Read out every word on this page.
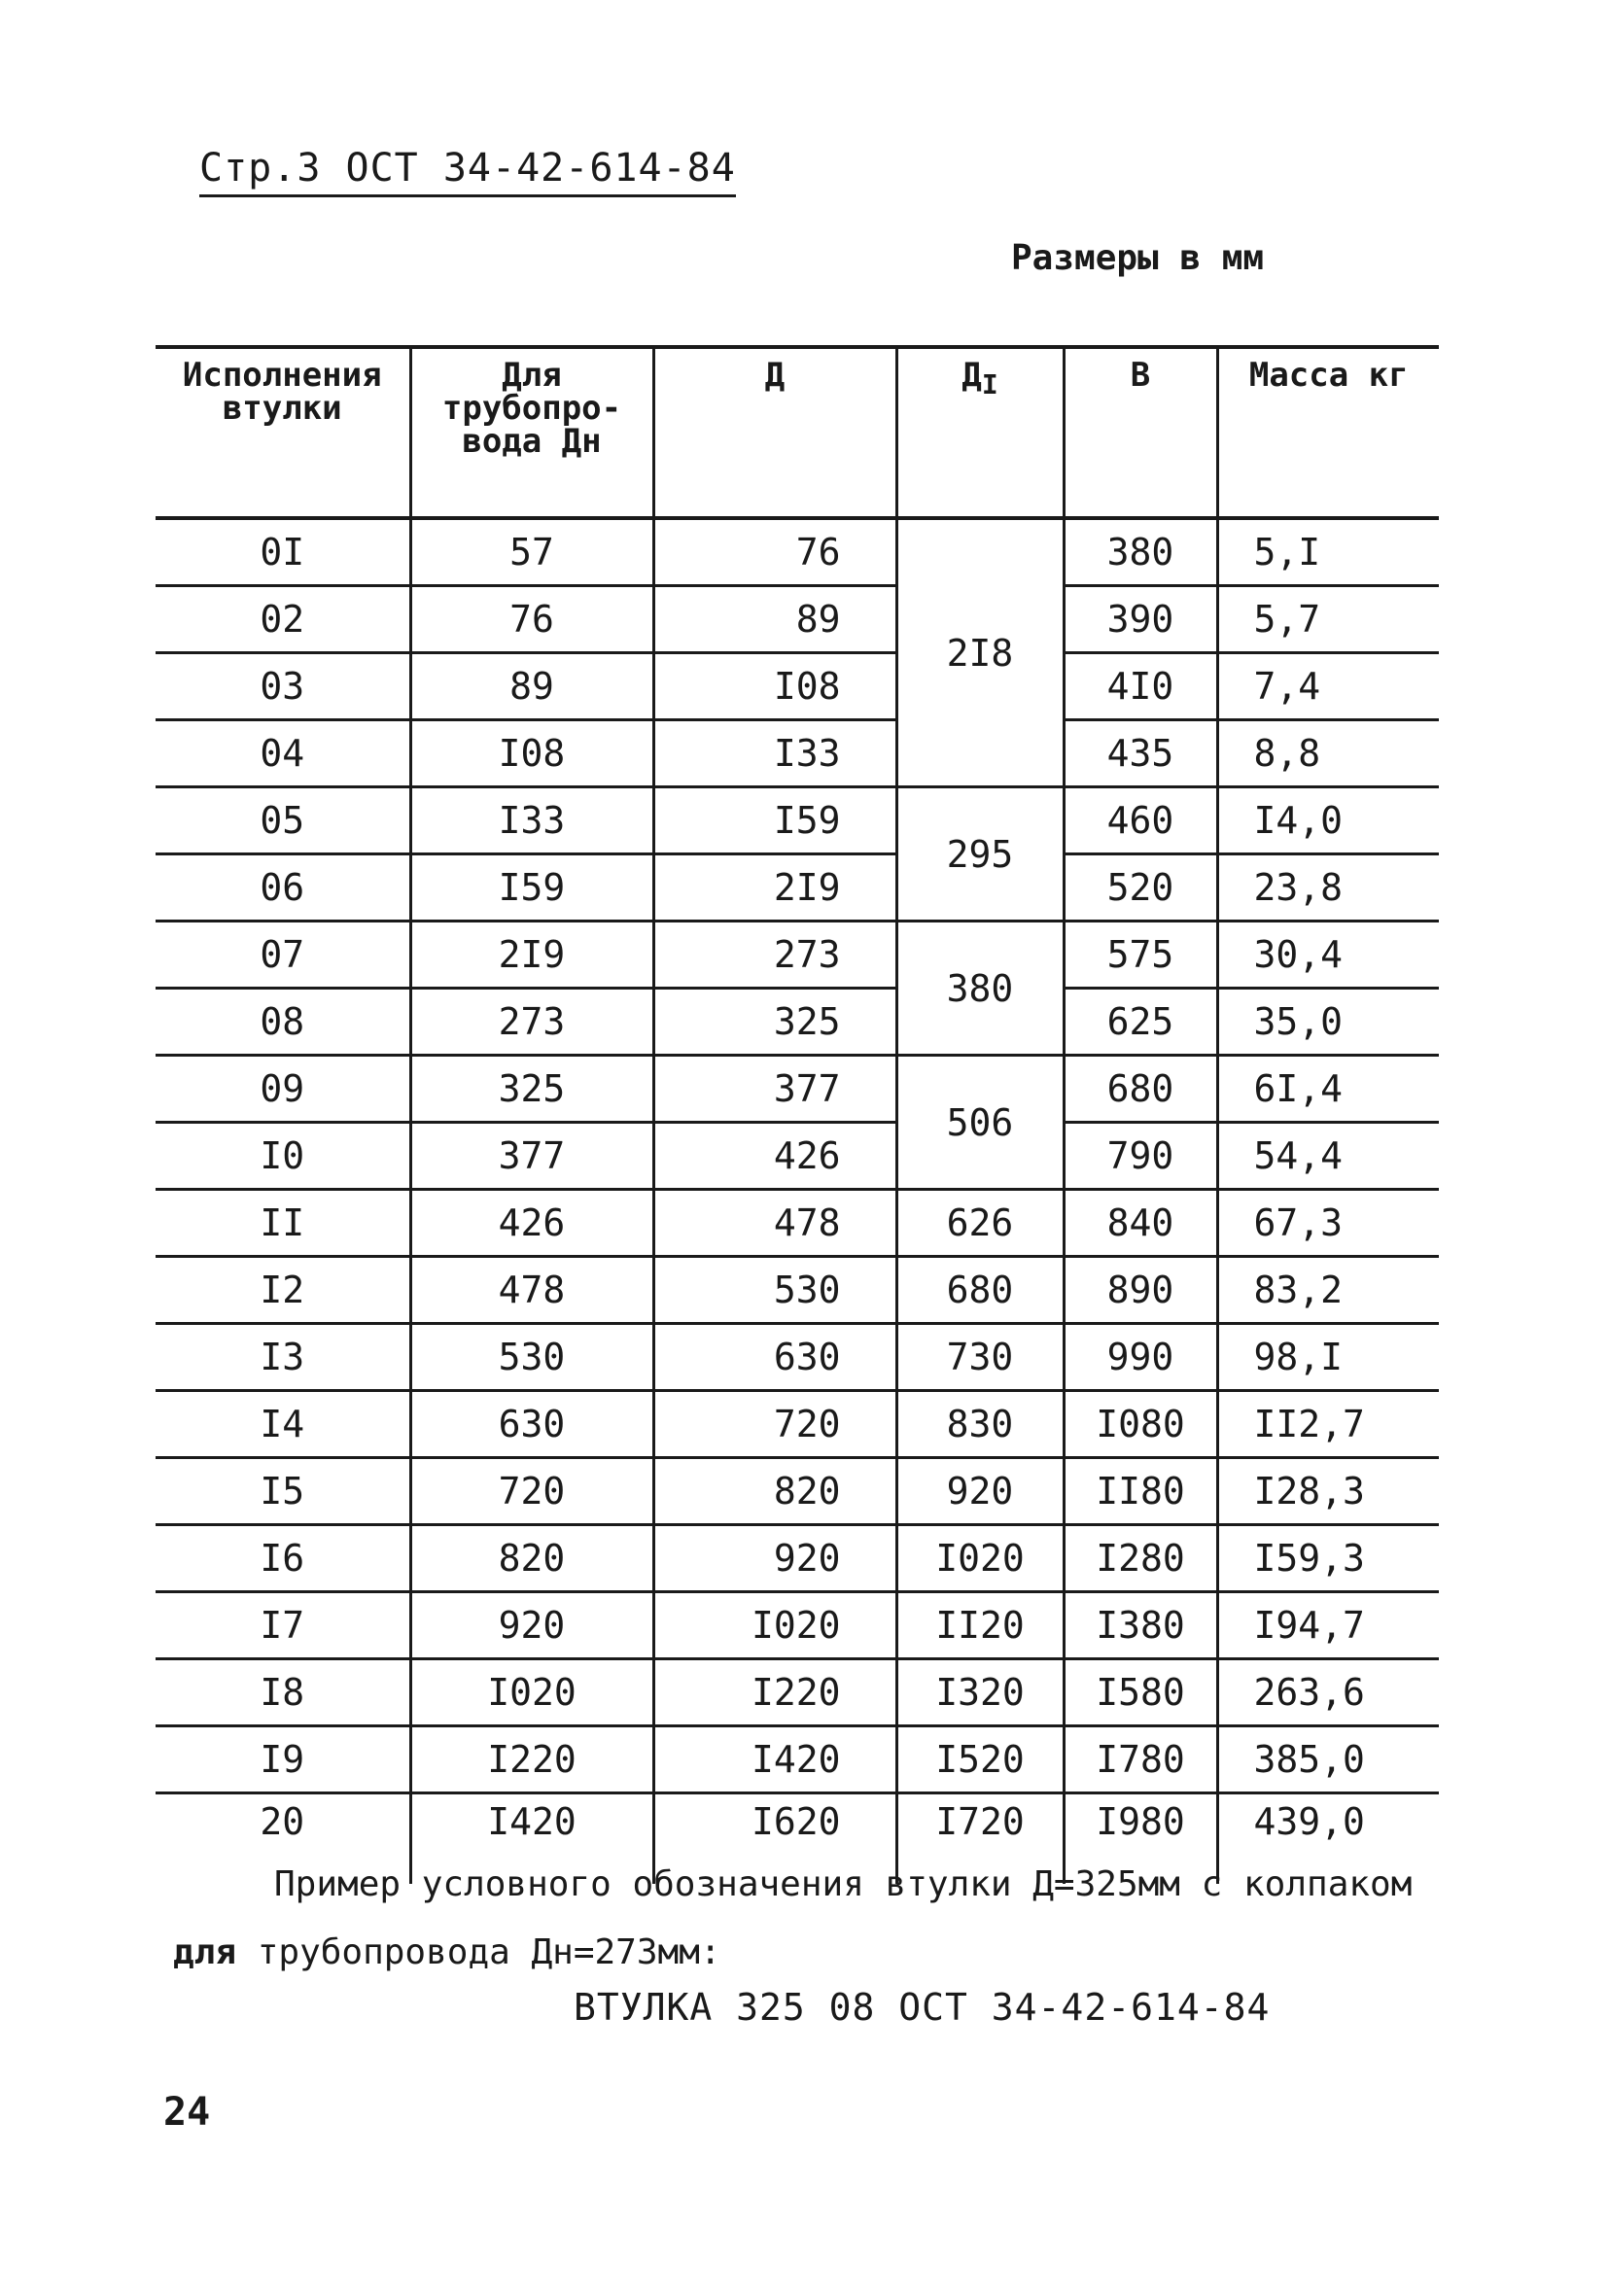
Стр.3 ОСТ 34-42-614-84
Размеры в мм
Исполнения втулки	Для трубопро- вода Дн	Д	$Д_I$	В	Масса кг
0I	57	76	2I8	380	5,I
02	76	89		390	5,7
03	89	I08		4I0	7,4
04	I08	I33		435	8,8
05	I33	I59	295	460	I4,0
06	I59	2I9		520	23,8
07	2I9	273	380	575	30,4
08	273	325		625	35,0
09	325	377	506	680	6I,4
I0	377	426		790	54,4
II	426	478	626	840	67,3
I2	478	530	680	890	83,2
I3	530	630	730	990	98,I
I4	630	720	830	I080	II2,7
I5	720	820	920	II80	I28,3
I6	820	920	I020	I280	I59,3
I7	920	I020	II20	I380	I94,7
I8	I020	I220	I320	I580	263,6
I9	I220	I420	I520	I780	385,0
20	I420	I620	I720	I980	439,0
Пример условного обозначения втулки Д=325мм с колпаком
для трубопровода Дн=273мм:
ВТУЛКА 325 08 ОСТ 34-42-614-84
24
